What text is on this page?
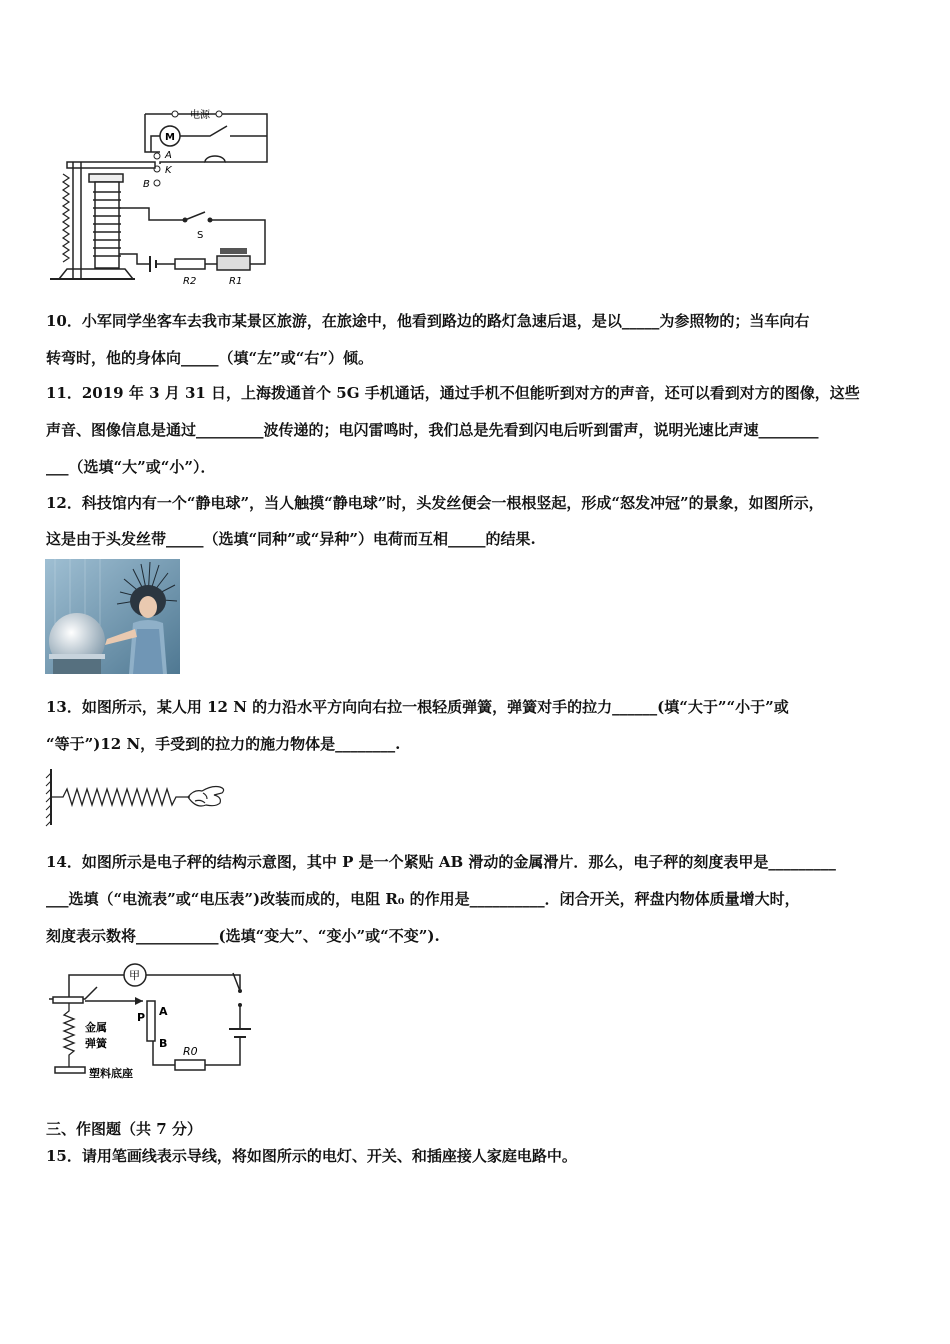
电源
M
A
K
B
S
R2	R1
10．小军同学坐客车去我市某景区旅游，在旅途中，他看到路边的路灯急速后退，是以_____为参照物的；当车向右
转弯时，他的身体向_____（填“左”或“右”）倾。
11．2019 年 3 月 31 日，上海拨通首个 5G 手机通话，通过手机不但能听到对方的声音，还可以看到对方的图像，这些
声音、图像信息是通过_________波传递的；电闪雷鸣时，我们总是先看到闪电后听到雷声，说明光速比声速________
___（选填“大”或“小”）．
12．科技馆内有一个“静电球”，当人触摸“静电球”时，头发丝便会一根根竖起，形成“怒发冲冠”的景象，如图所示，
这是由于头发丝带_____（选填“同种”或“异种”）电荷而互相_____的结果.
13．如图所示，某人用 12 N 的力沿水平方向向右拉一根轻质弹簧，弹簧对手的拉力______(填“大于”“小于”或
“等于”)12 N，手受到的拉力的施力物体是________.
14．如图所示是电子秤的结构示意图，其中 P 是一个紧贴 AB 滑动的金属滑片．那么，电子秤的刻度表甲是_________
___选填（“电流表”或“电压表”)改装而成的，电阻 R₀ 的作用是__________．闭合开关，秤盘内物体质量增大时，
刻度表示数将___________(选填“变大”、“变小”或“不变”).
甲
R0
P A
B
金属
弹簧
塑料底座
三、作图题（共 7 分）
15．请用笔画线表示导线，将如图所示的电灯、开关、和插座接人家庭电路中。
